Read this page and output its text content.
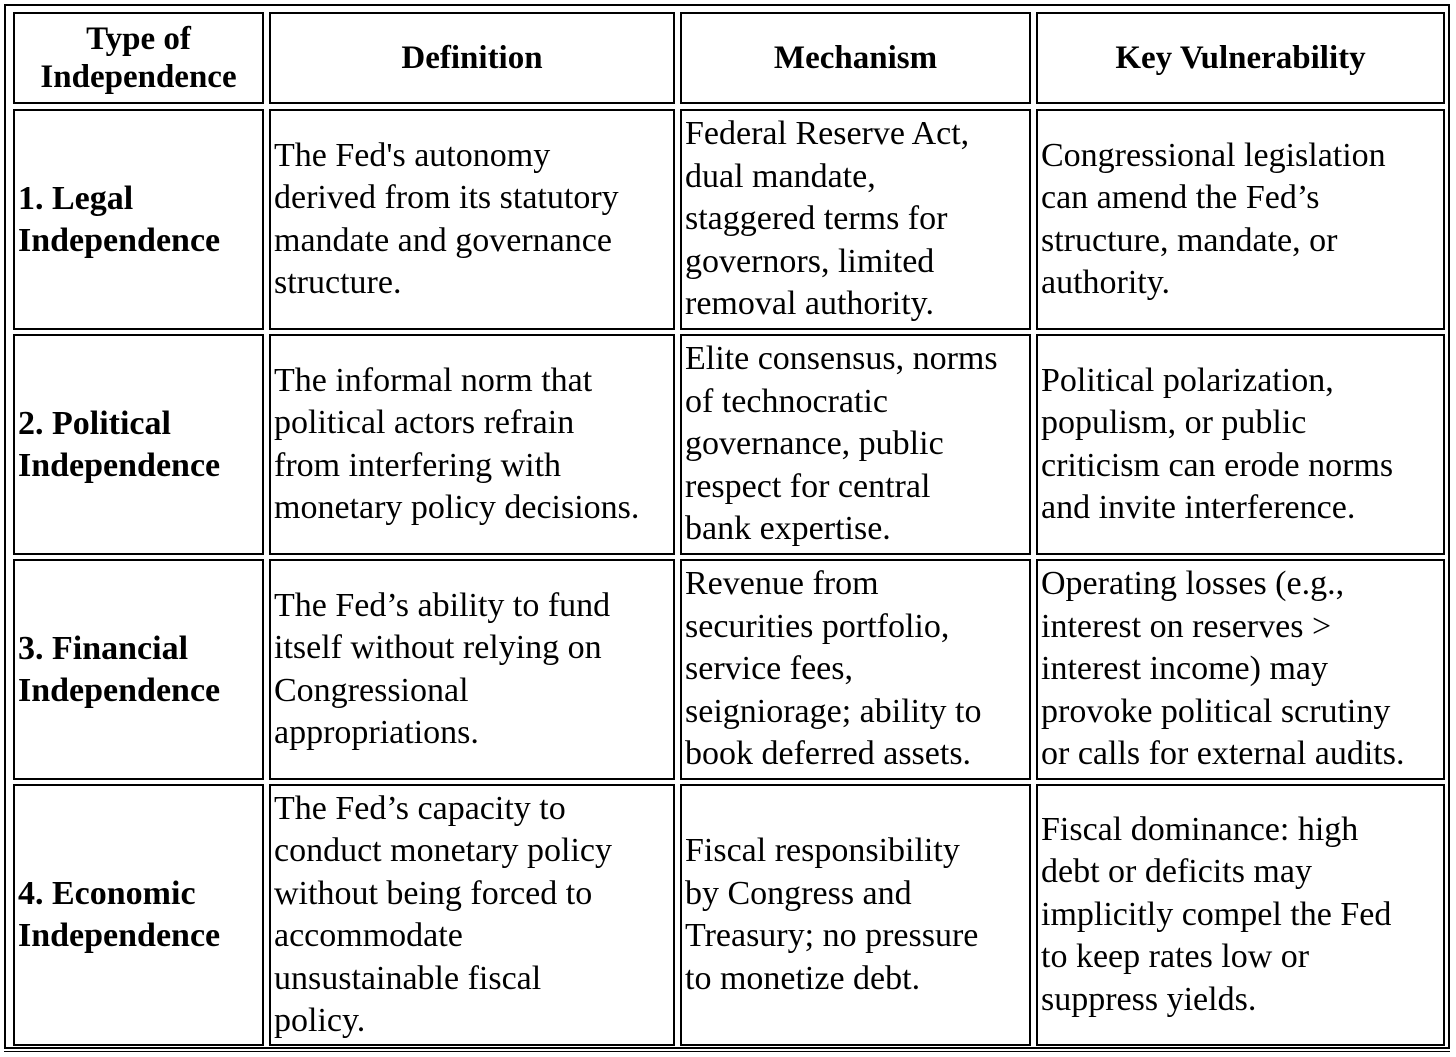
Type of
Independence
Definition	Mechanism	Key Vulnerability
1. Legal
Independence
The Fed's autonomy
derived from its statutory
mandate and governance
structure.
Federal Reserve Act,
dual mandate,
staggered terms for
governors, limited
removal authority.
Congressional legislation
can amend the Fed’s
structure, mandate, or
authority.
2. Political
Independence
The informal norm that
political actors refrain
from interfering with
monetary policy decisions.
Elite consensus, norms
of technocratic
governance, public
respect for central
bank expertise.
Political polarization,
populism, or public
criticism can erode norms
and invite interference.
3. Financial
Independence
The Fed’s ability to fund
itself without relying on
Congressional
appropriations.
Revenue from
securities portfolio,
service fees,
seigniorage; ability to
book deferred assets.
Operating losses (e.g.,
interest on reserves >
interest income) may
provoke political scrutiny
or calls for external audits.
4. Economic
Independence
The Fed’s capacity to
conduct monetary policy
without being forced to
accommodate
unsustainable fiscal
policy.
Fiscal responsibility
by Congress and
Treasury; no pressure
to monetize debt.
Fiscal dominance: high
debt or deficits may
implicitly compel the Fed
to keep rates low or
suppress yields.
